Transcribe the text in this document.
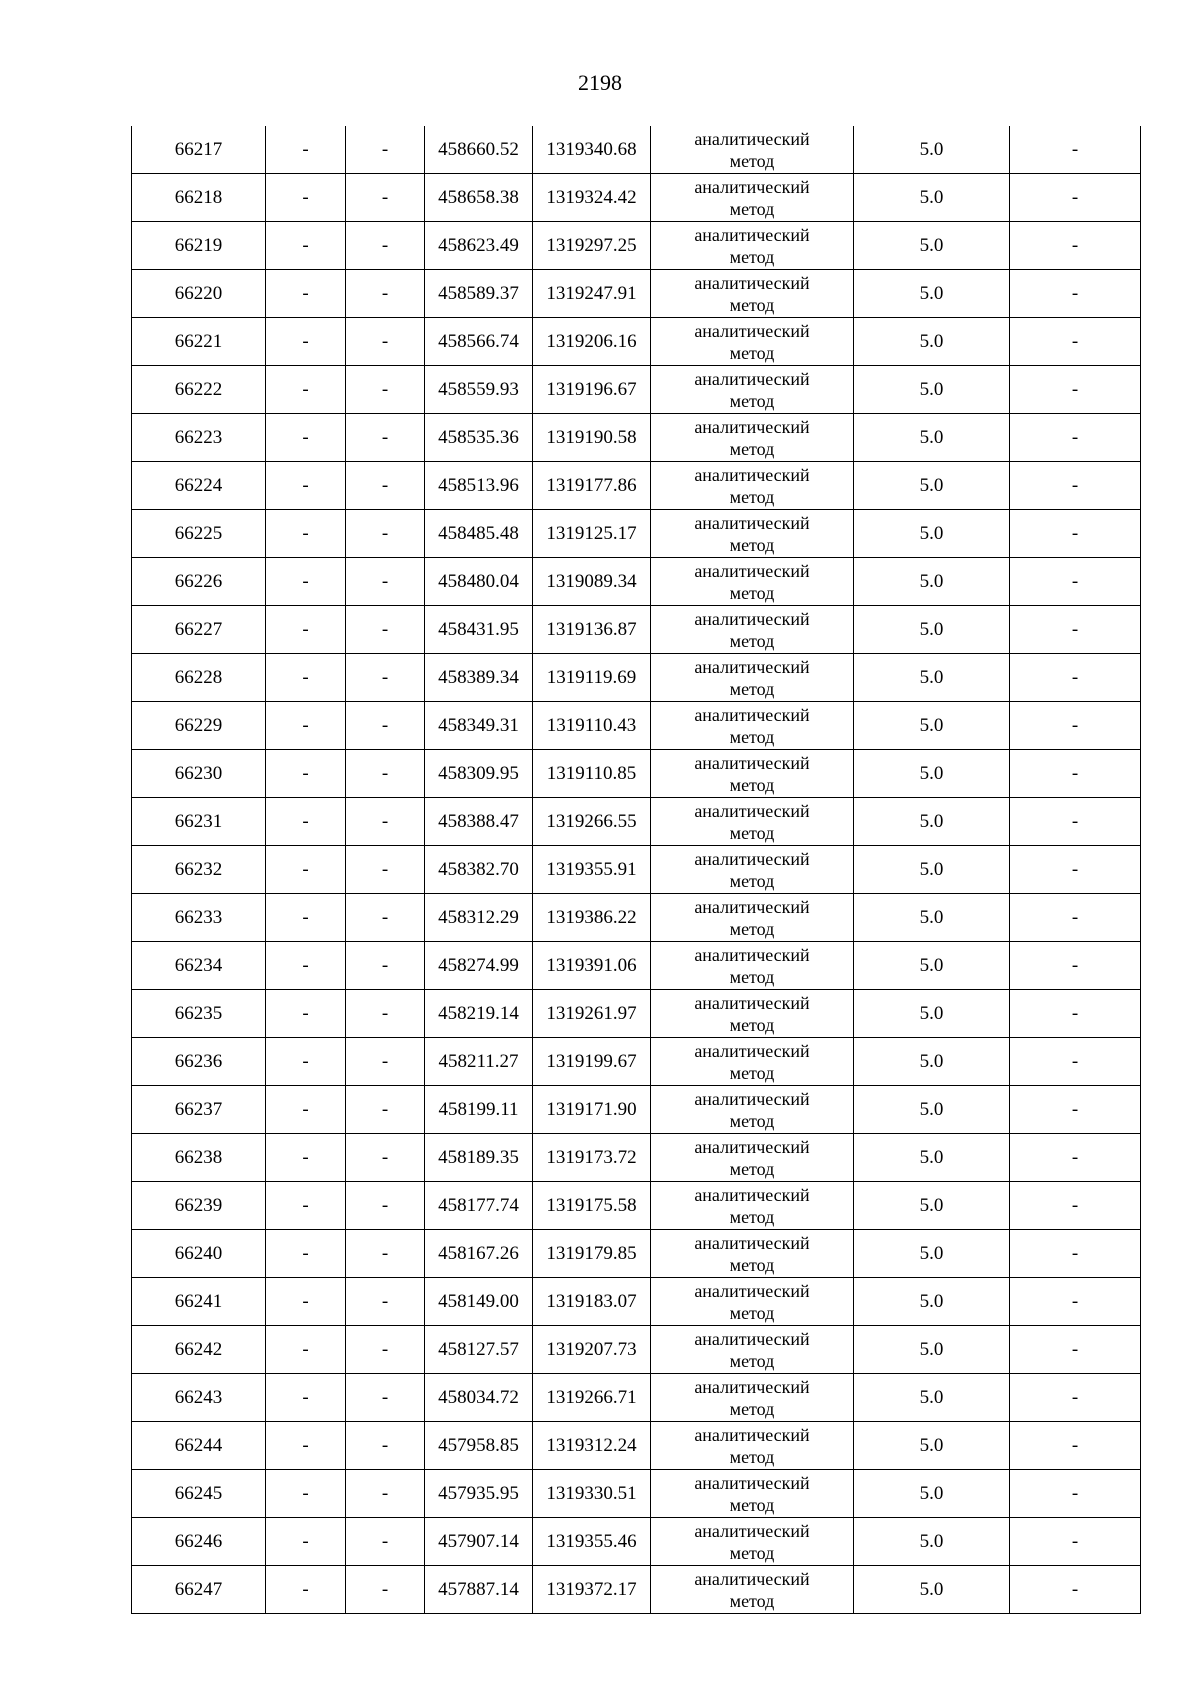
2198
66217	-	-	458660.52	1319340.68	аналитический
метод	5.0	-
66218	-	-	458658.38	1319324.42	аналитический
метод	5.0	-
66219	-	-	458623.49	1319297.25	аналитический
метод	5.0	-
66220	-	-	458589.37	1319247.91	аналитический
метод	5.0	-
66221	-	-	458566.74	1319206.16	аналитический
метод	5.0	-
66222	-	-	458559.93	1319196.67	аналитический
метод	5.0	-
66223	-	-	458535.36	1319190.58	аналитический
метод	5.0	-
66224	-	-	458513.96	1319177.86	аналитический
метод	5.0	-
66225	-	-	458485.48	1319125.17	аналитический
метод	5.0	-
66226	-	-	458480.04	1319089.34	аналитический
метод	5.0	-
66227	-	-	458431.95	1319136.87	аналитический
метод	5.0	-
66228	-	-	458389.34	1319119.69	аналитический
метод	5.0	-
66229	-	-	458349.31	1319110.43	аналитический
метод	5.0	-
66230	-	-	458309.95	1319110.85	аналитический
метод	5.0	-
66231	-	-	458388.47	1319266.55	аналитический
метод	5.0	-
66232	-	-	458382.70	1319355.91	аналитический
метод	5.0	-
66233	-	-	458312.29	1319386.22	аналитический
метод	5.0	-
66234	-	-	458274.99	1319391.06	аналитический
метод	5.0	-
66235	-	-	458219.14	1319261.97	аналитический
метод	5.0	-
66236	-	-	458211.27	1319199.67	аналитический
метод	5.0	-
66237	-	-	458199.11	1319171.90	аналитический
метод	5.0	-
66238	-	-	458189.35	1319173.72	аналитический
метод	5.0	-
66239	-	-	458177.74	1319175.58	аналитический
метод	5.0	-
66240	-	-	458167.26	1319179.85	аналитический
метод	5.0	-
66241	-	-	458149.00	1319183.07	аналитический
метод	5.0	-
66242	-	-	458127.57	1319207.73	аналитический
метод	5.0	-
66243	-	-	458034.72	1319266.71	аналитический
метод	5.0	-
66244	-	-	457958.85	1319312.24	аналитический
метод	5.0	-
66245	-	-	457935.95	1319330.51	аналитический
метод	5.0	-
66246	-	-	457907.14	1319355.46	аналитический
метод	5.0	-
66247	-	-	457887.14	1319372.17	аналитический
метод	5.0	-
